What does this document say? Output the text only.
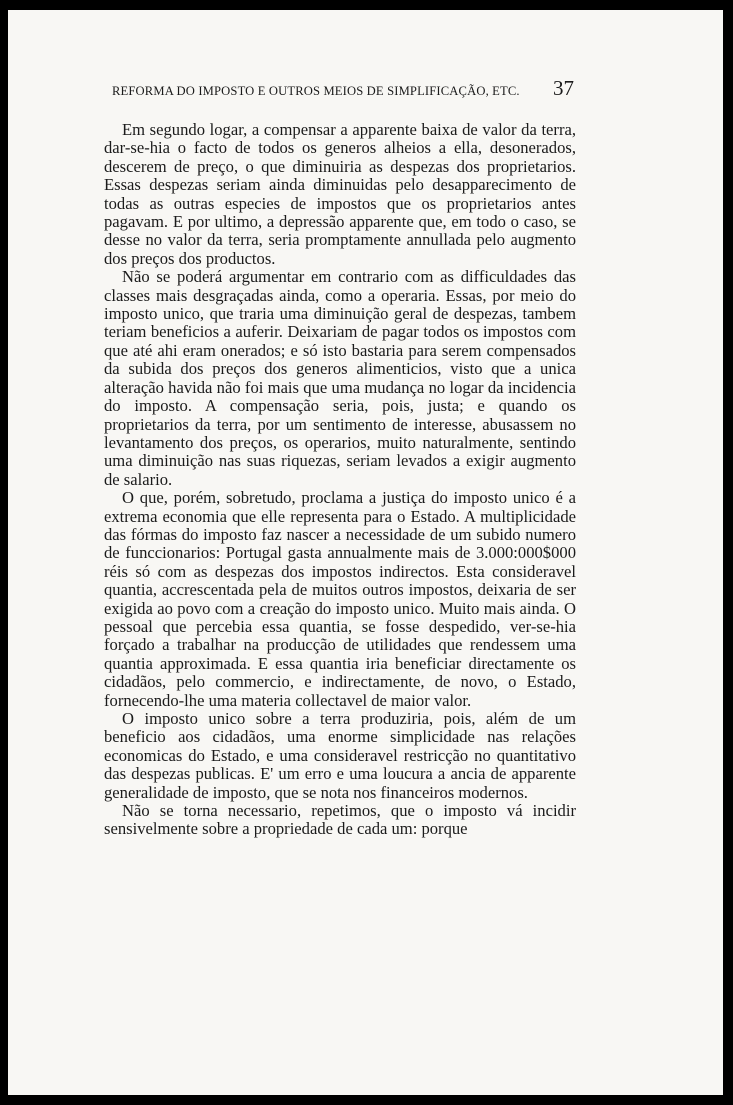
REFORMA DO IMPOSTO E OUTROS MEIOS DE SIMPLIFICAÇÃO, ETC. 37

Em segundo logar, a compensar a apparente baixa de valor da terra, dar-se-hia o facto de todos os generos alheios a ella, desonerados, descerem de preço, o que diminuiria as despezas dos proprietarios. Essas despezas seriam ainda diminuidas pelo desapparecimento de todas as outras especies de impostos que os proprietarios antes pagavam. E por ultimo, a depressão apparente que, em todo o caso, se desse no valor da terra, seria promptamente annullada pelo augmento dos preços dos productos.

Não se poderá argumentar em contrario com as difficuldades das classes mais desgraçadas ainda, como a operaria. Essas, por meio do imposto unico, que traria uma diminuição geral de despezas, tambem teriam beneficios a auferir. Deixariam de pagar todos os impostos com que até ahi eram onerados; e só isto bastaria para serem compensados da subida dos preços dos generos alimenticios, visto que a unica alteração havida não foi mais que uma mudança no logar da incidencia do imposto. A compensação seria, pois, justa; e quando os proprietarios da terra, por um sentimento de interesse, abusassem no levantamento dos preços, os operarios, muito naturalmente, sentindo uma diminuição nas suas riquezas, seriam levados a exigir augmento de salario.

O que, porém, sobretudo, proclama a justiça do imposto unico é a extrema economia que elle representa para o Estado. A multiplicidade das fórmas do imposto faz nascer a necessidade de um subido numero de funccionarios: Portugal gasta annualmente mais de 3.000:000$000 réis só com as despezas dos impostos indirectos. Esta consideravel quantia, accrescentada pela de muitos outros impostos, deixaria de ser exigida ao povo com a creação do imposto unico. Muito mais ainda. O pessoal que percebia essa quantia, se fosse despedido, ver-se-hia forçado a trabalhar na producção de utilidades que rendessem uma quantia approximada. E essa quantia iria beneficiar directamente os cidadãos, pelo commercio, e indirectamente, de novo, o Estado, fornecendo-lhe uma materia collectavel de maior valor.

O imposto unico sobre a terra produziria, pois, além de um beneficio aos cidadãos, uma enorme simplicidade nas relações economicas do Estado, e uma consideravel restricção no quantitativo das despezas publicas. E' um erro e uma loucura a ancia de apparente generalidade de imposto, que se nota nos financeiros modernos.

Não se torna necessario, repetimos, que o imposto vá incidir sensivelmente sobre a propriedade de cada um: porque
